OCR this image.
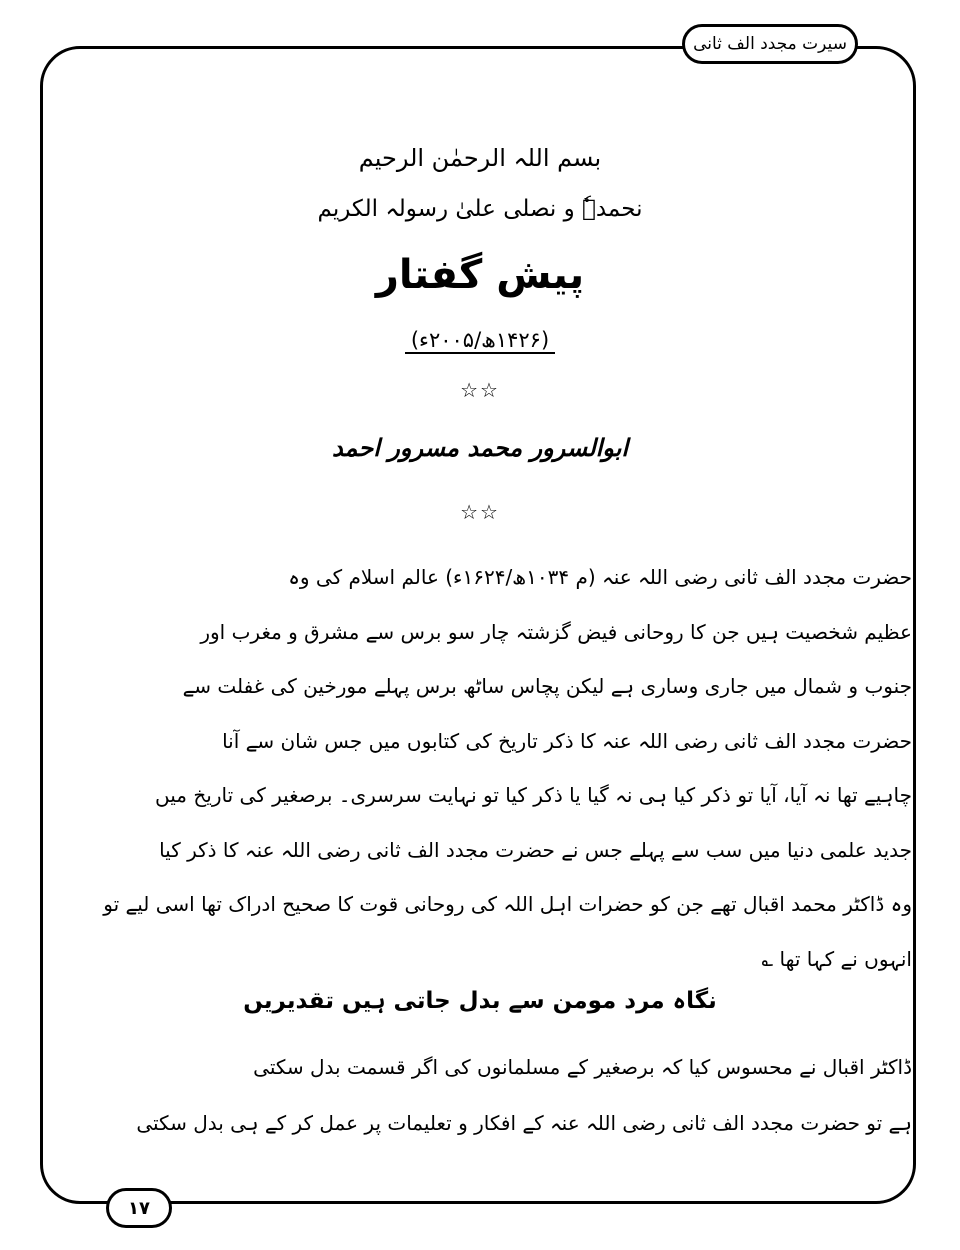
سیرت مجدد الف ثانی
بسم اللہ الرحمٰن الرحیم
نحمدہٗ و نصلی علیٰ رسولہ الکریم
پیش گفتار
(۱۴۲۶ھ/۲۰۰۵ء)
☆☆
ابوالسرور محمد مسرور احمد
☆☆
حضرت مجدد الف ثانی رضی اللہ عنہ (م ۱۰۳۴ھ/۱۶۲۴ء) عالم اسلام کی وہ
عظیم شخصیت ہیں جن کا روحانی فیض گزشتہ چار سو برس سے مشرق و مغرب اور
جنوب و شمال میں جاری وساری ہے لیکن پچاس ساٹھ برس پہلے مورخین کی غفلت سے
حضرت مجدد الف ثانی رضی اللہ عنہ کا ذکر تاریخ کی کتابوں میں جس شان سے آنا
چاہیے تھا نہ آیا، آیا تو ذکر کیا ہی نہ گیا یا ذکر کیا تو نہایت سرسری۔ برصغیر کی تاریخ میں
جدید علمی دنیا میں سب سے پہلے جس نے حضرت مجدد الف ثانی رضی اللہ عنہ کا ذکر کیا
وہ ڈاکٹر محمد اقبال تھے جن کو حضرات اہل اللہ کی روحانی قوت کا صحیح ادراک تھا اسی لیے تو
انہوں نے کہا تھا ؎
نگاہ مرد مومن سے بدل جاتی ہیں تقدیریں
ڈاکٹر اقبال نے محسوس کیا کہ برصغیر کے مسلمانوں کی اگر قسمت بدل سکتی
ہے تو حضرت مجدد الف ثانی رضی اللہ عنہ کے افکار و تعلیمات پر عمل کر کے ہی بدل سکتی
۱۷
